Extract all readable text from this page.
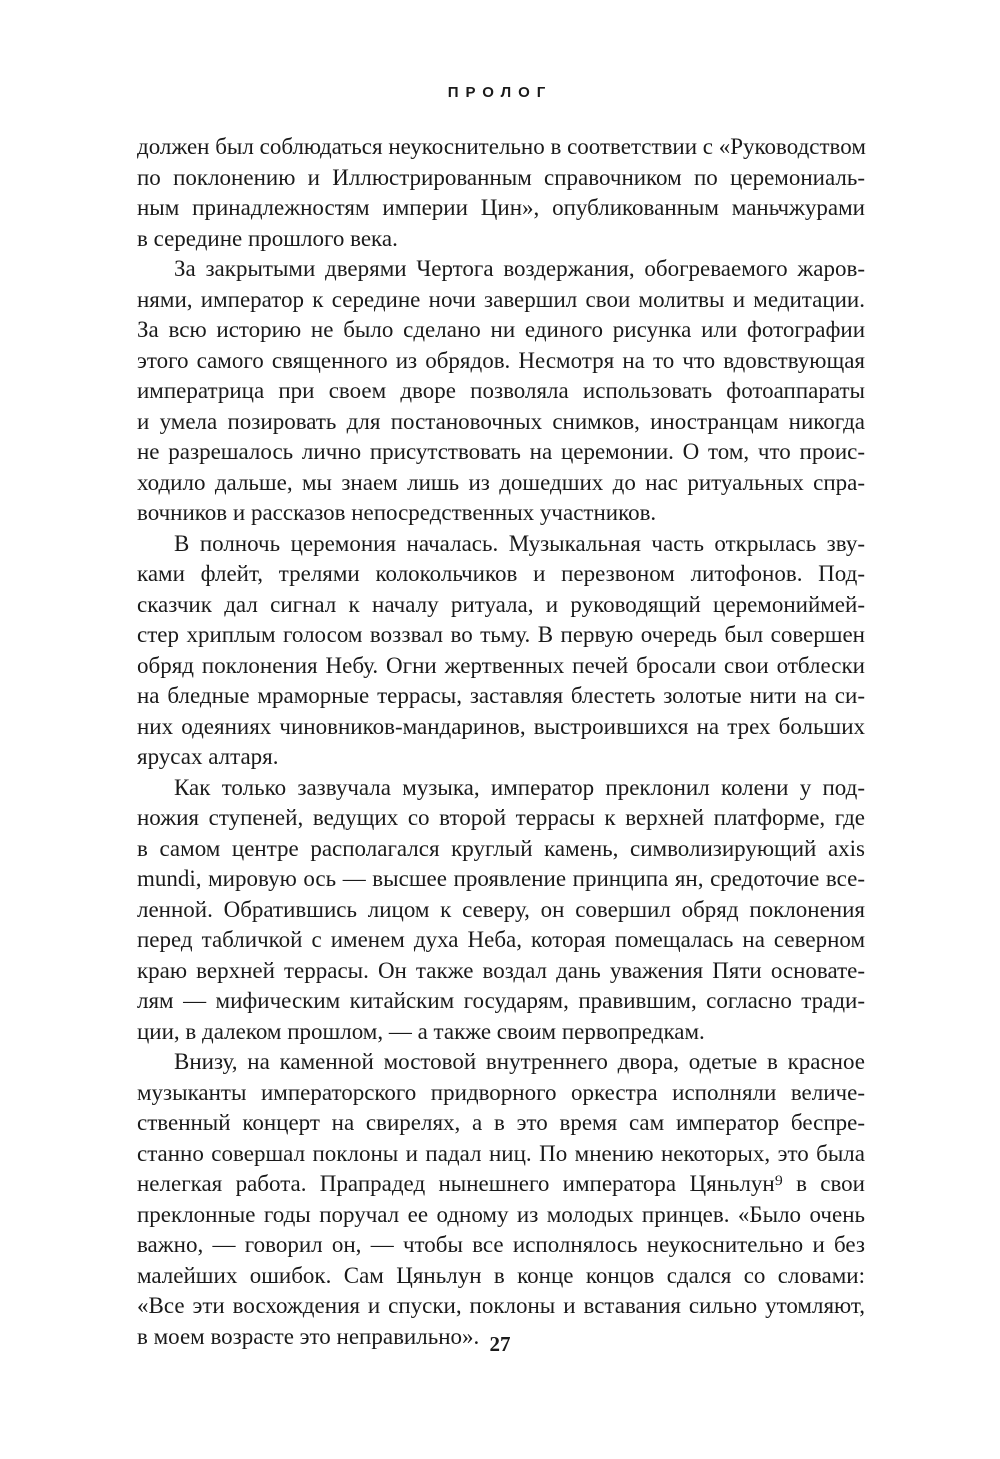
ПРОЛОГ
должен был соблюдаться неукоснительно в соответствии с «Руководством
по поклонению и Иллюстрированным справочником по церемониаль-
ным принадлежностям империи Цин», опубликованным маньчжурами
в середине прошлого века.
За закрытыми дверями Чертога воздержания, обогреваемого жаров-
нями, император к середине ночи завершил свои молитвы и медитации.
За всю историю не было сделано ни единого рисунка или фотографии
этого самого священного из обрядов. Несмотря на то что вдовствующая
императрица при своем дворе позволяла использовать фотоаппараты
и умела позировать для постановочных снимков, иностранцам никогда
не разрешалось лично присутствовать на церемонии. О том, что проис-
ходило дальше, мы знаем лишь из дошедших до нас ритуальных спра-
вочников и рассказов непосредственных участников.
В полночь церемония началась. Музыкальная часть открылась зву-
ками флейт, трелями колокольчиков и перезвоном литофонов. Под-
сказчик дал сигнал к началу ритуала, и руководящий церемониймей-
стер хриплым голосом воззвал во тьму. В первую очередь был совершен
обряд поклонения Небу. Огни жертвенных печей бросали свои отблески
на бледные мраморные террасы, заставляя блестеть золотые нити на си-
них одеяниях чиновников-мандаринов, выстроившихся на трех больших
ярусах алтаря.
Как только зазвучала музыка, император преклонил колени у под-
ножия ступеней, ведущих со второй террасы к верхней платформе, где
в самом центре располагался круглый камень, символизирующий axis
mundi, мировую ось — высшее проявление принципа ян, средоточие все-
ленной. Обратившись лицом к северу, он совершил обряд поклонения
перед табличкой с именем духа Неба, которая помещалась на северном
краю верхней террасы. Он также воздал дань уважения Пяти основате-
лям — мифическим китайским государям, правившим, согласно тради-
ции, в далеком прошлом, — а также своим первопредкам.
Внизу, на каменной мостовой внутреннего двора, одетые в красное
музыканты императорского придворного оркестра исполняли величе-
ственный концерт на свирелях, а в это время сам император беспре-
станно совершал поклоны и падал ниц. По мнению некоторых, это была
нелегкая работа. Прапрадед нынешнего императора Цяньлун⁹ в свои
преклонные годы поручал ее одному из молодых принцев. «Было очень
важно, — говорил он, — чтобы все исполнялось неукоснительно и без
малейших ошибок. Сам Цяньлун в конце концов сдался со словами:
«Все эти восхождения и спуски, поклоны и вставания сильно утомляют,
в моем возрасте это неправильно». 27
